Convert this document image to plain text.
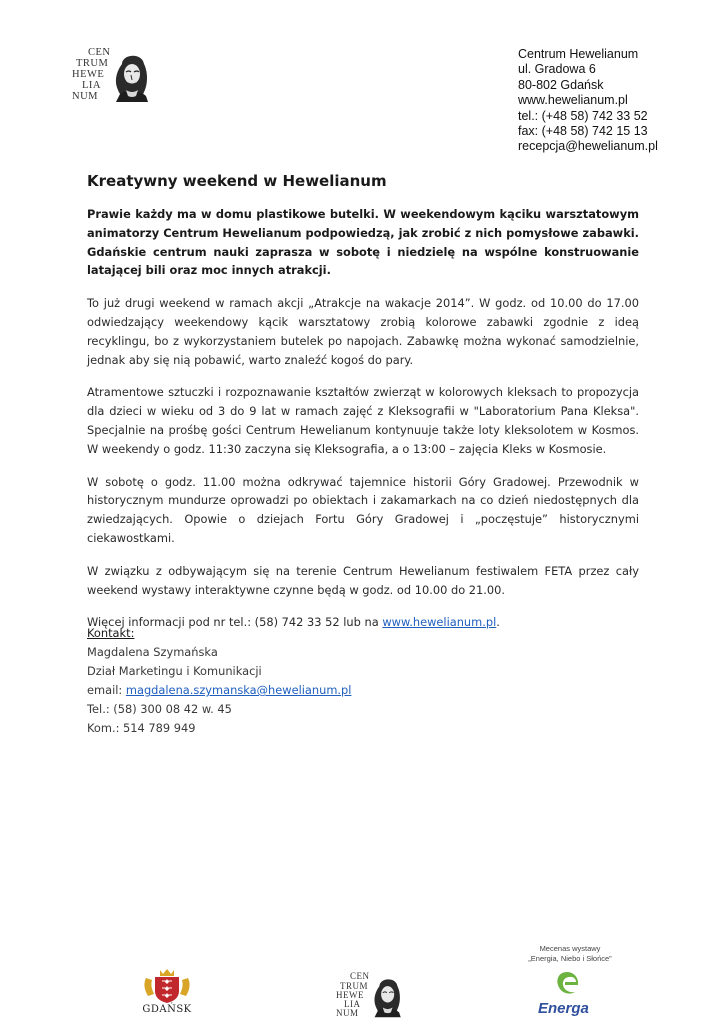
CEN
TRUM
HEWE
LIA
NUM
Centrum Hewelianum
ul. Gradowa 6
80-802 Gdańsk
www.hewelianum.pl
tel.: (+48 58) 742 33 52
fax: (+48 58) 742 15 13
recepcja@hewelianum.pl
Kreatywny weekend w Hewelianum

Prawie każdy ma w domu plastikowe butelki. W weekendowym kąciku warsztatowym animatorzy Centrum Hewelianum podpowiedzą, jak zrobić z nich pomysłowe zabawki. Gdańskie centrum nauki zaprasza w sobotę i niedzielę na wspólne konstruowanie latającej bili oraz moc innych atrakcji.

To już drugi weekend w ramach akcji „Atrakcje na wakacje 2014”. W godz. od 10.00 do 17.00 odwiedzający weekendowy kącik warsztatowy zrobią kolorowe zabawki zgodnie z ideą recyklingu, bo z wykorzystaniem butelek po napojach. Zabawkę można wykonać samodzielnie, jednak aby się nią pobawić, warto znaleźć kogoś do pary.

Atramentowe sztuczki i rozpoznawanie kształtów zwierząt w kolorowych kleksach to propozycja dla dzieci w wieku od 3 do 9 lat w ramach zajęć z Kleksografii w "Laboratorium Pana Kleksa". Specjalnie na prośbę gości Centrum Hewelianum kontynuuje także loty kleksolotem w Kosmos. W weekendy o godz. 11:30 zaczyna się Kleksografia, a o 13:00 – zajęcia Kleks w Kosmosie.

W sobotę o godz. 11.00 można odkrywać tajemnice historii Góry Gradowej. Przewodnik w historycznym mundurze oprowadzi po obiektach i zakamarkach na co dzień niedostępnych dla zwiedzających. Opowie o dziejach Fortu Góry Gradowej i „poczęstuje” historycznymi ciekawostkami.

W związku z odbywającym się na terenie Centrum Hewelianum festiwalem FETA przez cały weekend wystawy interaktywne czynne będą w godz. od 10.00 do 21.00.

Więcej informacji pod nr tel.: (58) 742 33 52 lub na www.hewelianum.pl.

Kontakt:
Magdalena Szymańska
Dział Marketingu i Komunikacji
email: magdalena.szymanska@hewelianum.pl
Tel.: (58) 300 08 42 w. 45
Kom.: 514 789 949
GDAŃSK
CEN
TRUM
HEWE
LIA
NUM
Mecenas wystawy
„Energia, Niebo i Słońce”
Energa
